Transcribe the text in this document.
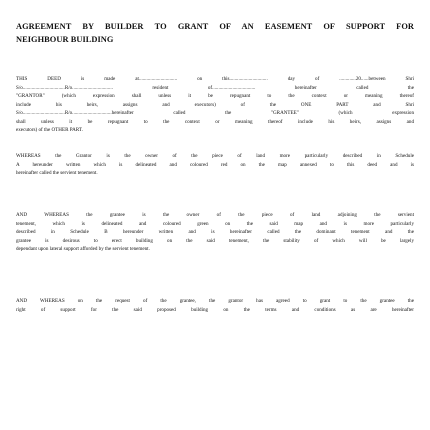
AGREEMENT BY BUILDER TO GRANT OF AN EASEMENT OF SUPPORT FOR
NEIGHBOUR BUILDING
THIS DEED is made at.............................. on this.............................. day of .............20......between Shri
S/o.................................R/o................................ resident of.................................. hereinafter called the
"GRANTOR" (which expression shall unless it be repugnant to the context or meaning thereof
include his heirs, assigns and executors) of the ONE PART and Shri
S/o.................................R/o...............................hereinafter called the "GRANTEE" (which expression
shall unless it be repugnant to the context or meaning thereof include his heirs, assigns and
executors) of the OTHER PART.
WHEREAS the Grantor is the owner of the piece of land more particularly described in Schedule
A hereunder written which is delineated and coloured red on the map annexed to this deed and is
hereinafter called the servient tenement.
AND WHEREAS the grantee is the owner of the piece of land adjoining the servient
tenement, which is delineated and coloured green on the said map and is more particularly
described in Schedule B hereunder written and is hereinafter called the dominant tenement and the
grantee is desirous to erect building on the said tenement, the stability of which will be largely
dependant upon lateral support afforded by the servient tenement.
AND WHEREAS on the request of the grantee, the grantor has agreed to grant to the grantee the
right of support for the said proposed building on the terms and conditions as are hereinafter
